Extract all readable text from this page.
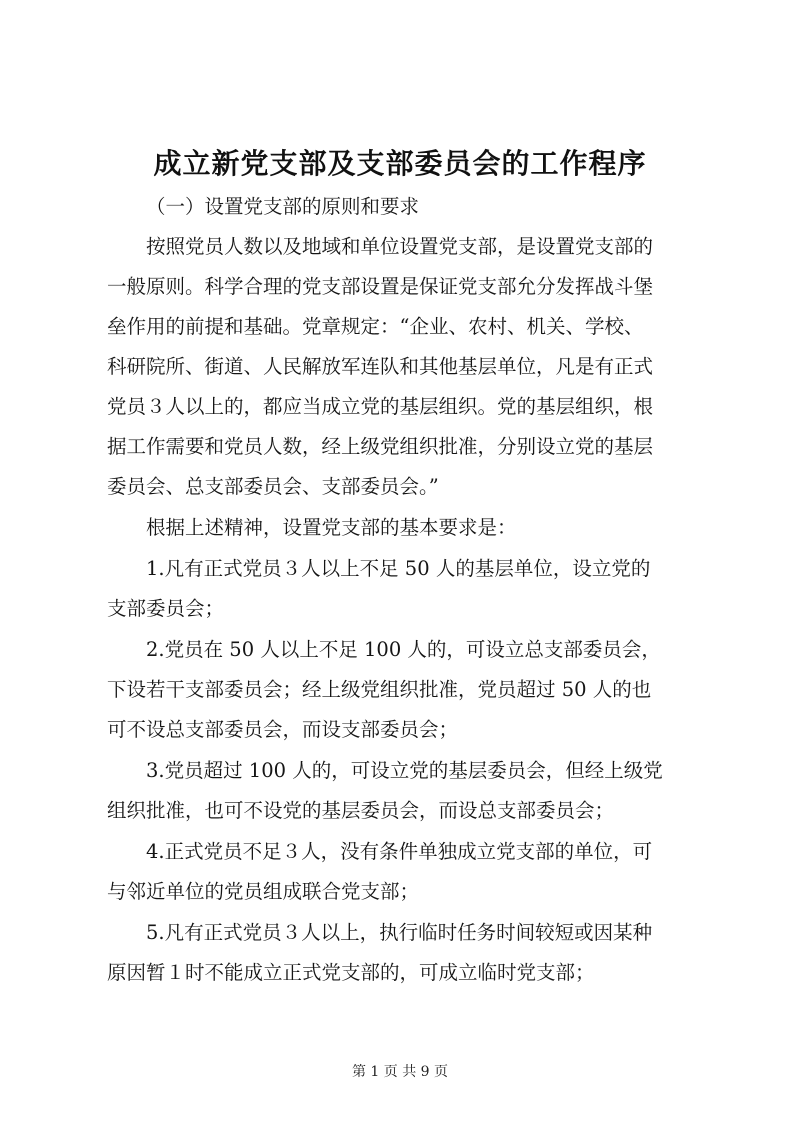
成立新党支部及支部委员会的工作程序
（一）设置党支部的原则和要求
按照党员人数以及地域和单位设置党支部，是设置党支部的
一般原则。科学合理的党支部设置是保证党支部允分发挥战斗堡
垒作用的前提和基础。党章规定：“企业、农村、机关、学校、
科研院所、街道、人民解放军连队和其他基层单位，凡是有正式
党员３人以上的，都应当成立党的基层组织。党的基层组织，根
据工作需要和党员人数，经上级党组织批准，分别设立党的基层
委员会、总支部委员会、支部委员会。”
根据上述精神，设置党支部的基本要求是：
1.凡有正式党员３人以上不足 50 人的基层单位，设立党的
支部委员会；
2.党员在 50 人以上不足 100 人的，可设立总支部委员会，
下设若干支部委员会；经上级党组织批准，党员超过 50 人的也
可不设总支部委员会，而设支部委员会；
3.党员超过 100 人的，可设立党的基层委员会，但经上级党
组织批准，也可不设党的基层委员会，而设总支部委员会；
4.正式党员不足３人，没有条件单独成立党支部的单位，可
与邻近单位的党员组成联合党支部；
5.凡有正式党员３人以上，执行临时任务时间较短或因某种
原因暂１时不能成立正式党支部的，可成立临时党支部；
第 1 页 共 9 页
